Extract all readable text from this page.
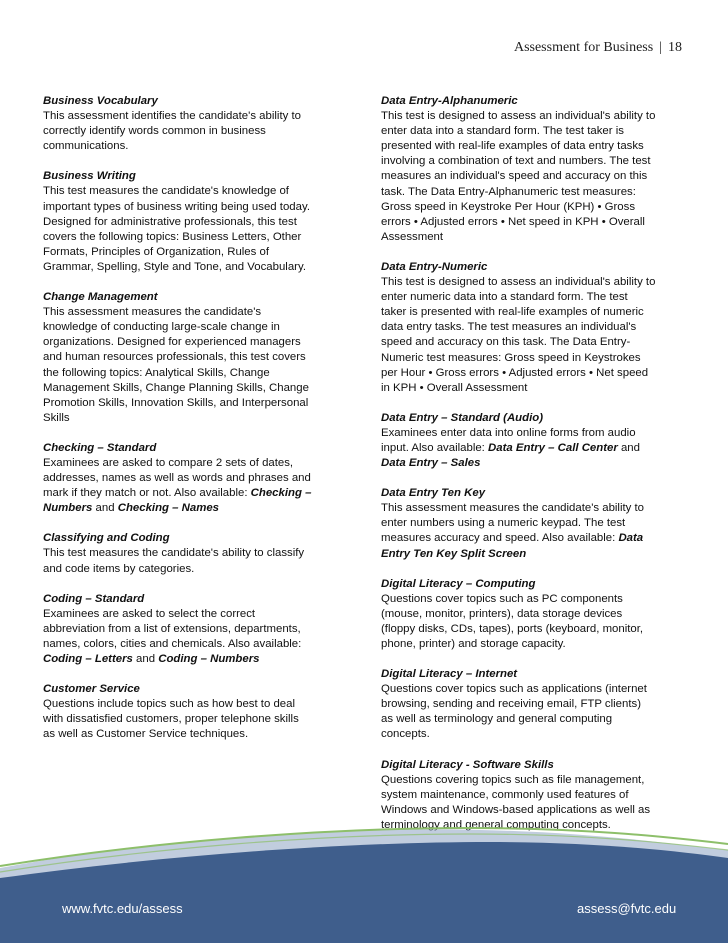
Assessment for Business | 18
Business Vocabulary
This assessment identifies the candidate's ability to correctly identify words common in business communications.
Business Writing
This test measures the candidate's knowledge of important types of business writing being used today. Designed for administrative professionals, this test covers the following topics: Business Letters, Other Formats, Principles of Organization, Rules of Grammar, Spelling, Style and Tone, and Vocabulary.
Change Management
This assessment measures the candidate's knowledge of conducting large-scale change in organizations. Designed for experienced managers and human resources professionals, this test covers the following topics: Analytical Skills, Change Management Skills, Change Planning Skills, Change Promotion Skills, Innovation Skills, and Interpersonal Skills
Checking – Standard
Examinees are asked to compare 2 sets of dates, addresses, names as well as words and phrases and mark if they match or not. Also available: Checking – Numbers and Checking – Names
Classifying and Coding
This test measures the candidate's ability to classify and code items by categories.
Coding – Standard
Examinees are asked to select the correct abbreviation from a list of extensions, departments, names, colors, cities and chemicals. Also available: Coding – Letters and Coding – Numbers
Customer Service
Questions include topics such as how best to deal with dissatisfied customers, proper telephone skills as well as Customer Service techniques.
Data Entry-Alphanumeric
This test is designed to assess an individual's ability to enter data into a standard form. The test taker is presented with real-life examples of data entry tasks involving a combination of text and numbers. The test measures an individual's speed and accuracy on this task. The Data Entry-Alphanumeric test measures: Gross speed in Keystroke Per Hour (KPH) • Gross errors • Adjusted errors • Net speed in KPH • Overall Assessment
Data Entry-Numeric
This test is designed to assess an individual's ability to enter numeric data into a standard form. The test taker is presented with real-life examples of numeric data entry tasks. The test measures an individual's speed and accuracy on this task. The Data Entry-Numeric test measures: Gross speed in Keystrokes per Hour • Gross errors • Adjusted errors • Net speed in KPH • Overall Assessment
Data Entry – Standard (Audio)
Examinees enter data into online forms from audio input. Also available: Data Entry – Call Center and Data Entry – Sales
Data Entry Ten Key
This assessment measures the candidate's ability to enter numbers using a numeric keypad. The test measures accuracy and speed. Also available: Data Entry Ten Key Split Screen
Digital Literacy – Computing
Questions cover topics such as PC components (mouse, monitor, printers), data storage devices (floppy disks, CDs, tapes), ports (keyboard, monitor, phone, printer) and storage capacity.
Digital Literacy – Internet
Questions cover topics such as applications (internet browsing, sending and receiving email, FTP clients) as well as terminology and general computing concepts.
Digital Literacy - Software Skills
Questions covering topics such as file management, system maintenance, commonly used features of Windows and Windows-based applications as well as terminology and general computing concepts.
www.fvtc.edu/assess	assess@fvtc.edu
